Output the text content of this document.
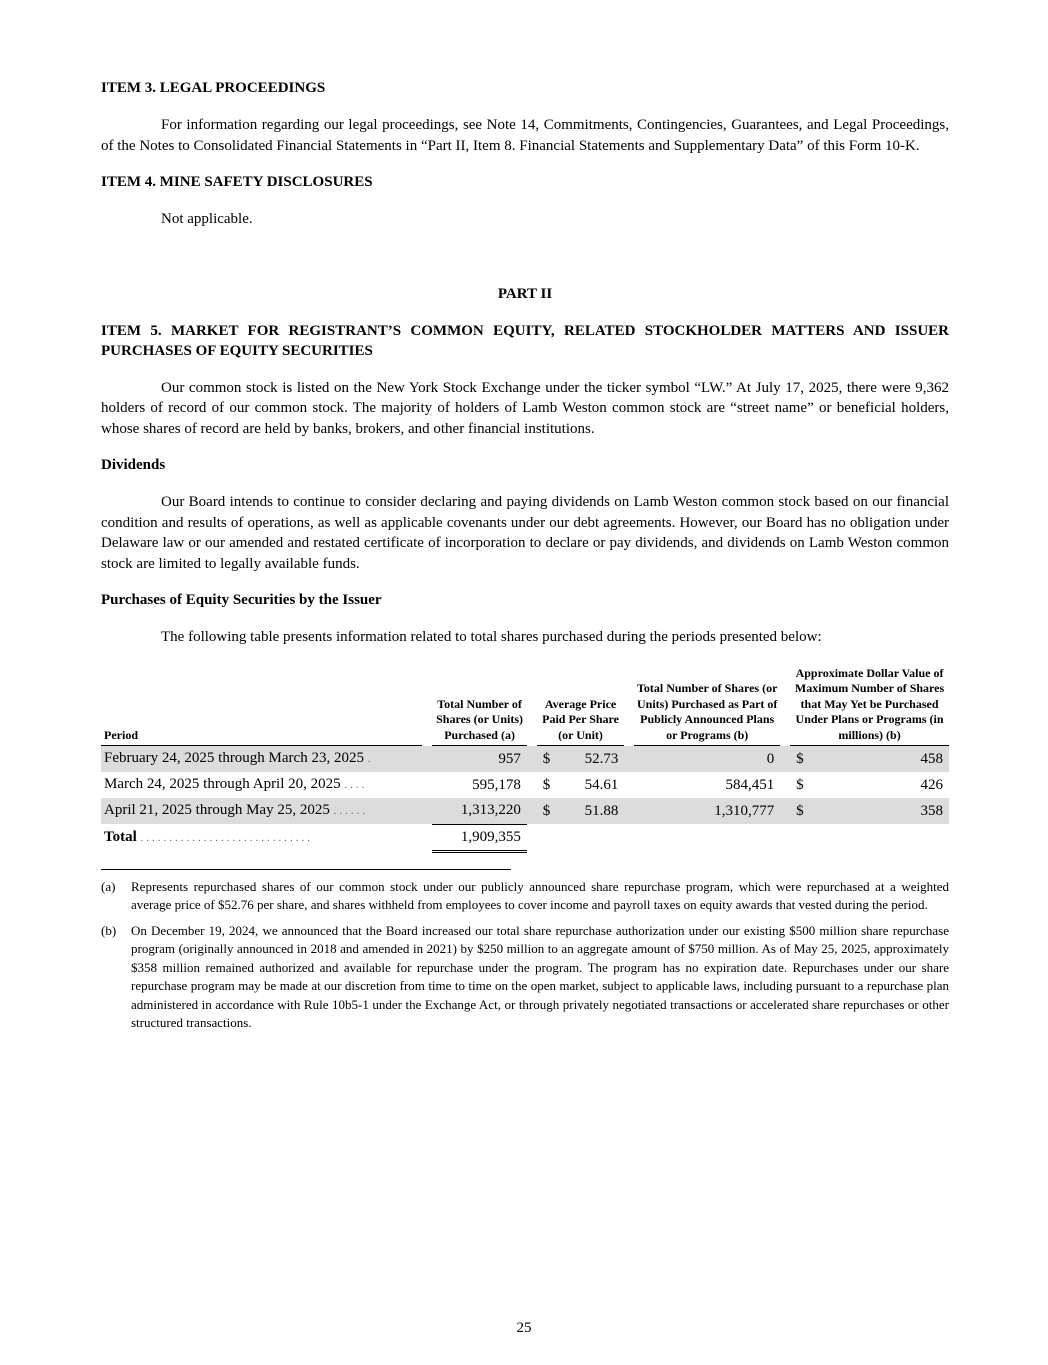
ITEM 3. LEGAL PROCEEDINGS

For information regarding our legal proceedings, see Note 14, Commitments, Contingencies, Guarantees, and Legal Proceedings, of the Notes to Consolidated Financial Statements in “Part II, Item 8. Financial Statements and Supplementary Data” of this Form 10-K.

ITEM 4. MINE SAFETY DISCLOSURES

Not applicable.

PART II
ITEM 5. MARKET FOR REGISTRANT’S COMMON EQUITY, RELATED STOCKHOLDER MATTERS AND ISSUER PURCHASES OF EQUITY SECURITIES

Our common stock is listed on the New York Stock Exchange under the ticker symbol “LW.” At July 17, 2025, there were 9,362 holders of record of our common stock. The majority of holders of Lamb Weston common stock are “street name” or beneficial holders, whose shares of record are held by banks, brokers, and other financial institutions.

Dividends

Our Board intends to continue to consider declaring and paying dividends on Lamb Weston common stock based on our financial condition and results of operations, as well as applicable covenants under our debt agreements. However, our Board has no obligation under Delaware law or our amended and restated certificate of incorporation to declare or pay dividends, and dividends on Lamb Weston common stock are limited to legally available funds.

Purchases of Equity Securities by the Issuer

The following table presents information related to total shares purchased during the periods presented below:

Period		Total Number of Shares (or Units) Purchased (a)		Average Price Paid Per Share (or Unit)			Total Number of Shares (or Units) Purchased as Part of Publicly Announced Plans or Programs (b)		Approximate Dollar Value of Maximum Number of Shares that May Yet be Purchased Under Plans or Programs (in millions) (b)	
February 24, 2025 through March 23, 2025 .		957		$	52.73		0		$	458
March 24, 2025 through April 20, 2025 ....		595,178		$	54.61		584,451		$	426
April 21, 2025 through May 25, 2025 ......		1,313,220		$	51.88		1,310,777		$	358
Total ..............................		1,909,355								
(a)	Represents repurchased shares of our common stock under our publicly announced share repurchase program, which were repurchased at a weighted average price of $52.76 per share, and shares withheld from employees to cover income and payroll taxes on equity awards that vested during the period.
(b)	On December 19, 2024, we announced that the Board increased our total share repurchase authorization under our existing $500 million share repurchase program (originally announced in 2018 and amended in 2021) by $250 million to an aggregate amount of $750 million. As of May 25, 2025, approximately $358 million remained authorized and available for repurchase under the program. The program has no expiration date. Repurchases under our share repurchase program may be made at our discretion from time to time on the open market, subject to applicable laws, including pursuant to a repurchase plan administered in accordance with Rule 10b5-1 under the Exchange Act, or through privately negotiated transactions or accelerated share repurchases or other structured transactions.
25
